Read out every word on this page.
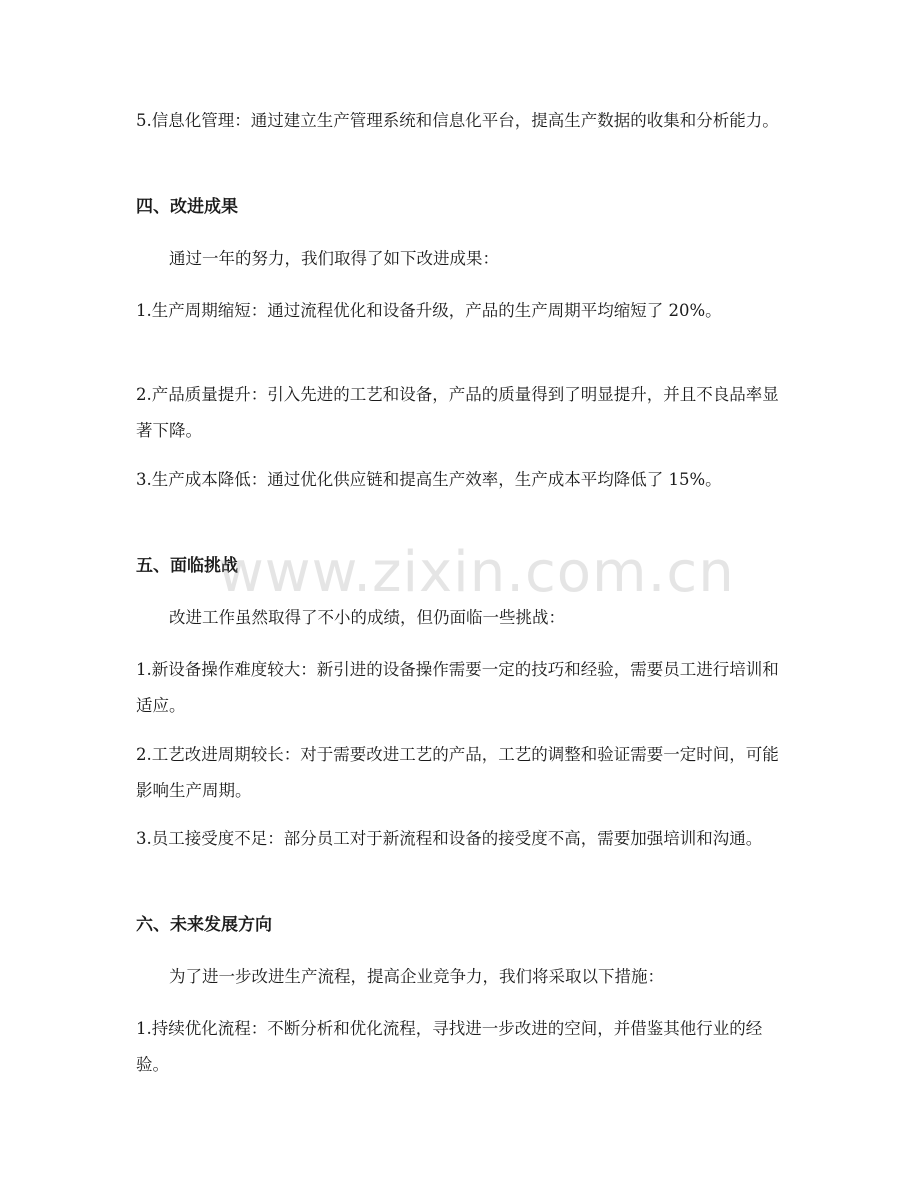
5.信息化管理：通过建立生产管理系统和信息化平台，提高生产数据的收集和分析能力。

四、改进成果

通过一年的努力，我们取得了如下改进成果：

1.生产周期缩短：通过流程优化和设备升级，产品的生产周期平均缩短了 20%。

2.产品质量提升：引入先进的工艺和设备，产品的质量得到了明显提升，并且不良品率显著下降。

3.生产成本降低：通过优化供应链和提高生产效率，生产成本平均降低了 15%。

五、面临挑战

改进工作虽然取得了不小的成绩，但仍面临一些挑战：

1.新设备操作难度较大：新引进的设备操作需要一定的技巧和经验，需要员工进行培训和适应。

2.工艺改进周期较长：对于需要改进工艺的产品，工艺的调整和验证需要一定时间，可能影响生产周期。

3.员工接受度不足：部分员工对于新流程和设备的接受度不高，需要加强培训和沟通。

六、未来发展方向

为了进一步改进生产流程，提高企业竞争力，我们将采取以下措施：

1.持续优化流程：不断分析和优化流程，寻找进一步改进的空间，并借鉴其他行业的经验。

www.zixin.com.cn
